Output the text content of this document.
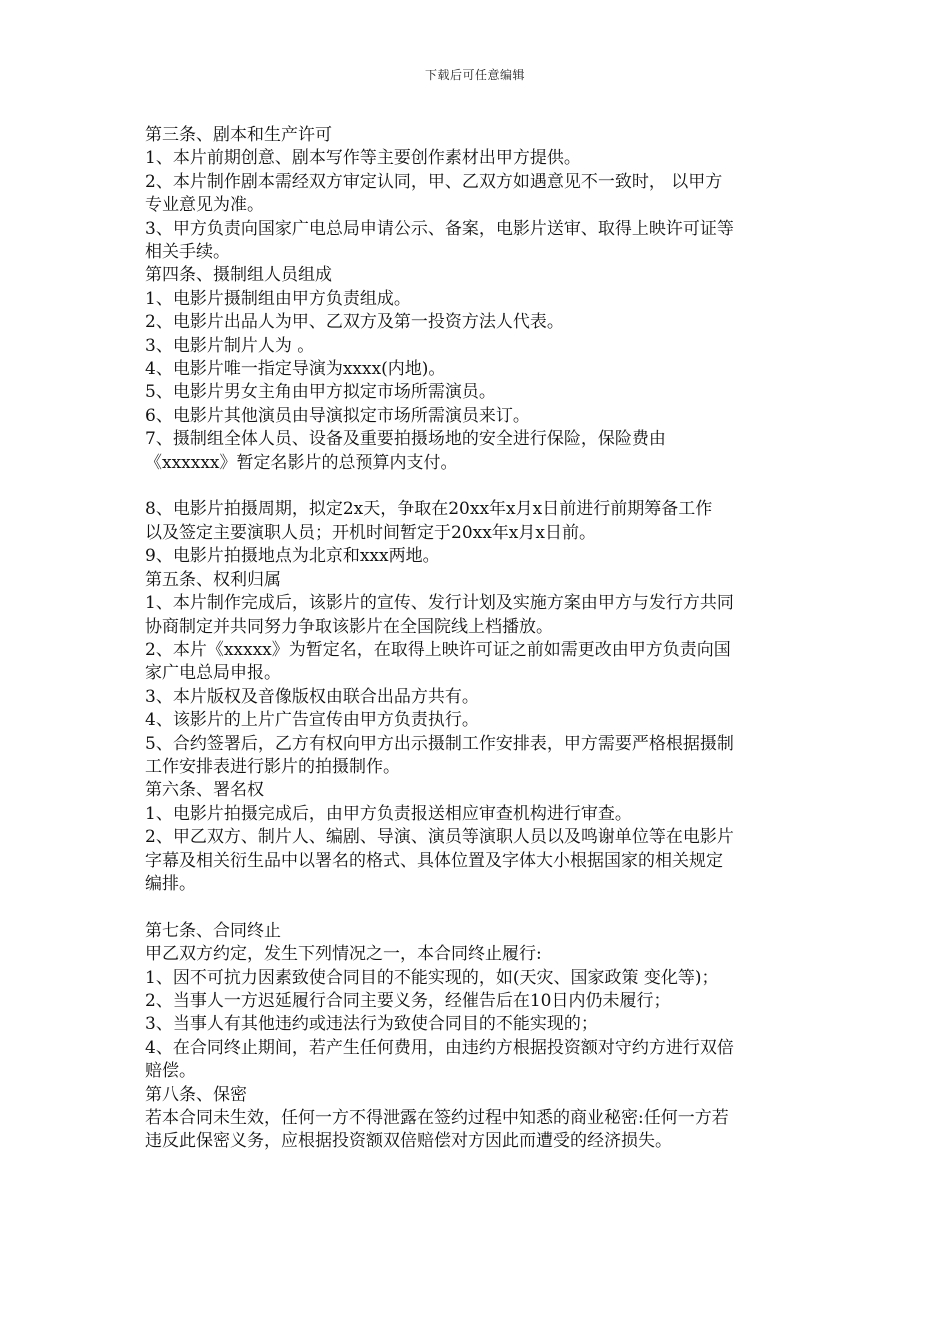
下载后可任意编辑
第三条、剧本和生产许可
1、本片前期创意、剧本写作等主要创作素材出甲方提供。
2、本片制作剧本需经双方审定认同，甲、乙双方如遇意见不一致时， 以甲方
专业意见为准。
3、甲方负责向国家广电总局申请公示、备案，电影片送审、取得上映许可证等
相关手续。
第四条、摄制组人员组成
1、电影片摄制组由甲方负责组成。
2、电影片出品人为甲、乙双方及第一投资方法人代表。
3、电影片制片人为 。
4、电影片唯一指定导演为xxxx(内地)。
5、电影片男女主角由甲方拟定市场所需演员。
6、电影片其他演员由导演拟定市场所需演员来订。
7、摄制组全体人员、设备及重要拍摄场地的安全进行保险，保险费由
《xxxxxx》暂定名影片的总预算内支付。
8、电影片拍摄周期，拟定2x天，争取在20xx年x月x日前进行前期筹备工作
以及签定主要演职人员；开机时间暂定于20xx年x月x日前。
9、电影片拍摄地点为北京和xxx两地。
第五条、权利归属
1、本片制作完成后，该影片的宣传、发行计划及实施方案由甲方与发行方共同
协商制定并共同努力争取该影片在全国院线上档播放。
2、本片《xxxxx》为暂定名，在取得上映许可证之前如需更改由甲方负责向国
家广电总局申报。
3、本片版权及音像版权由联合出品方共有。
4、该影片的上片广告宣传由甲方负责执行。
5、合约签署后，乙方有权向甲方出示摄制工作安排表，甲方需要严格根据摄制
工作安排表进行影片的拍摄制作。
第六条、署名权
1、电影片拍摄完成后，由甲方负责报送相应审查机构进行审查。
2、甲乙双方、制片人、编剧、导演、演员等演职人员以及鸣谢单位等在电影片
字幕及相关衍生品中以署名的格式、具体位置及字体大小根据国家的相关规定
编排。
第七条、合同终止
甲乙双方约定，发生下列情况之一，本合同终止履行:
1、因不可抗力因素致使合同目的不能实现的，如(天灾、国家政策 变化等)；
2、当事人一方迟延履行合同主要义务，经催告后在10日内仍未履行；
3、当事人有其他违约或违法行为致使合同目的不能实现的；
4、在合同终止期间，若产生任何费用，由违约方根据投资额对守约方进行双倍
赔偿。
第八条、保密
若本合同未生效，任何一方不得泄露在签约过程中知悉的商业秘密:任何一方若
违反此保密义务，应根据投资额双倍赔偿对方因此而遭受的经济损失。
